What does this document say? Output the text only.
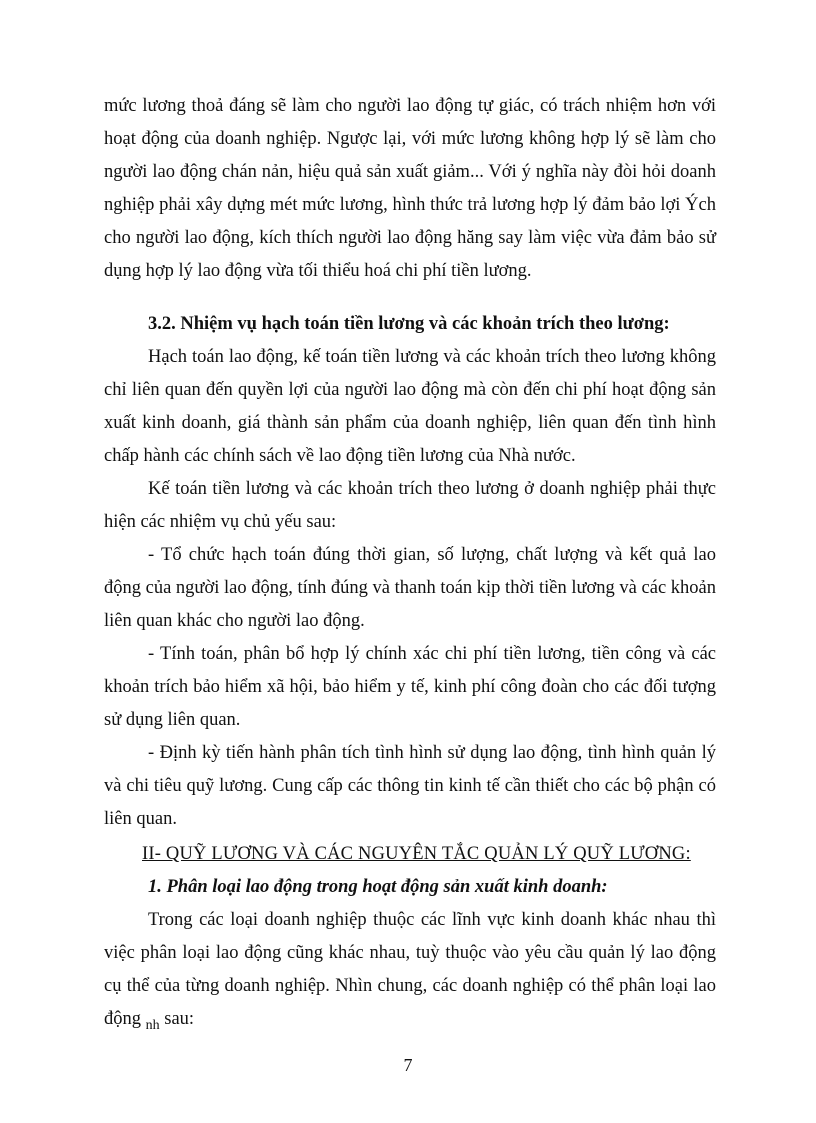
mức lương thoả đáng sẽ làm cho người lao động tự giác, có trách nhiệm hơn với hoạt động của doanh nghiệp. Ngược lại, với mức lương không hợp lý sẽ làm cho người lao động chán nản, hiệu quả sản xuất giảm... Với ý nghĩa này đòi hỏi doanh nghiệp phải xây dựng mét mức lương, hình thức trả lương hợp lý đảm bảo lợi Ých cho người lao động, kích thích người lao động hăng say làm việc vừa đảm bảo sử dụng hợp lý lao động vừa tối thiểu hoá chi phí tiền lương.

3.2. Nhiệm vụ hạch toán tiền lương và các khoản trích theo lương:

Hạch toán lao động, kế toán tiền lương và các khoản trích theo lương không chỉ liên quan đến quyền lợi của người lao động mà còn đến chi phí hoạt động sản xuất kinh doanh, giá thành sản phẩm của doanh nghiệp, liên quan đến tình hình chấp hành các chính sách về lao động tiền lương của Nhà nước.

Kế toán tiền lương và các khoản trích theo lương ở doanh nghiệp phải thực hiện các nhiệm vụ chủ yếu sau:

- Tổ chức hạch toán đúng thời gian, số lượng, chất lượng và kết quả lao động của người lao động, tính đúng và thanh toán kịp thời tiền lương và các khoản liên quan khác cho người lao động.

- Tính toán, phân bổ hợp lý chính xác chi phí tiền lương, tiền công và các khoản trích bảo hiểm xã hội, bảo hiểm y tế, kinh phí công đoàn cho các đối tượng sử dụng liên quan.

- Định kỳ tiến hành phân tích tình hình sử dụng lao động, tình hình quản lý và chi tiêu quỹ lương. Cung cấp các thông tin kinh tế cần thiết cho các bộ phận có liên quan.

II- QUỸ LƯƠNG VÀ CÁC NGUYÊN TẮC QUẢN LÝ QUỸ LƯƠNG:

1. Phân loại lao động trong hoạt động sản xuất kinh doanh:

Trong các loại doanh nghiệp thuộc các lĩnh vực kinh doanh khác nhau thì việc phân loại lao động cũng khác nhau, tuỳ thuộc vào yêu cầu quản lý lao động cụ thể của từng doanh nghiệp. Nhìn chung, các doanh nghiệp có thể phân loại lao động $_{nh}$ sau:

7
